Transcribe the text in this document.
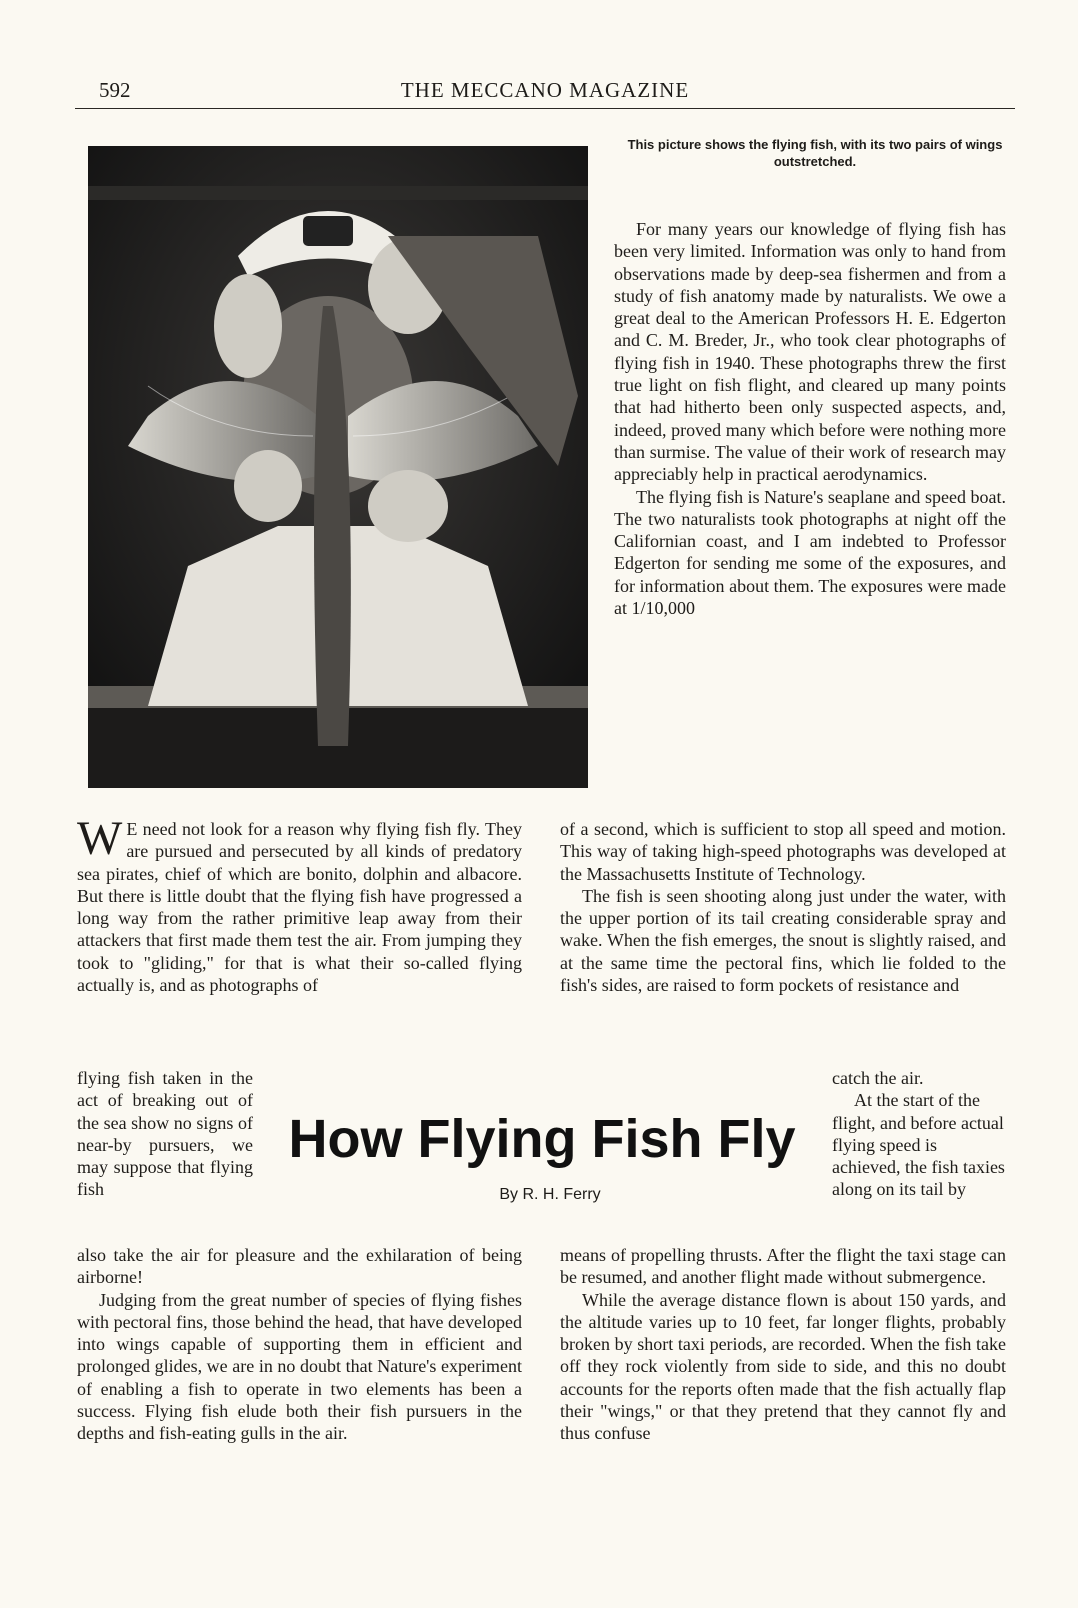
592	THE MECCANO MAGAZINE

This picture shows the flying fish, with its two pairs of wings outstretched.

For many years our knowledge of flying fish has been very limited. Information was only to hand from observations made by deep-sea fishermen and from a study of fish anatomy made by naturalists. We owe a great deal to the American Professors H. E. Edgerton and C. M. Breder, Jr., who took clear photographs of flying fish in 1940. These photographs threw the first true light on fish flight, and cleared up many points that had hitherto been only suspected aspects, and, indeed, proved many which before were nothing more than surmise. The value of their work of research may appreciably help in practical aerodynamics.

The flying fish is Nature's seaplane and speed boat. The two naturalists took photographs at night off the Californian coast, and I am indebted to Professor Edgerton for sending me some of the exposures, and for information about them. The exposures were made at 1/10,000

of a second, which is sufficient to stop all speed and motion. This way of taking high-speed photographs was developed at the Massachusetts Institute of Technology.

The fish is seen shooting along just under the water, with the upper portion of its tail creating considerable spray and wake. When the fish emerges, the snout is slightly raised, and at the same time the pectoral fins, which lie folded to the fish's sides, are raised to form pockets of resistance and

catch the air.

At the start of the flight, and before actual flying speed is achieved, the fish taxies along on its tail by

means of propelling thrusts. After the flight the taxi stage can be resumed, and another flight made without submergence.

While the average distance flown is about 150 yards, and the altitude varies up to 10 feet, far longer flights, probably broken by short taxi periods, are recorded. When the fish take off they rock violently from side to side, and this no doubt accounts for the reports often made that the fish actually flap their "wings," or that they pretend that they cannot fly and thus confuse

W E need not look for a reason why flying fish fly. They are pursued and persecuted by all kinds of predatory sea pirates, chief of which are bonito, dolphin and albacore. But there is little doubt that the flying fish have progressed a long way from the rather primitive leap away from their attackers that first made them test the air. From jumping they took to "gliding," for that is what their so-called flying actually is, and as photographs of

flying fish taken in the act of breaking out of the sea show no signs of near-by pursuers, we may suppose that flying fish

How Flying Fish Fly

By R. H. Ferry

also take the air for pleasure and the exhilaration of being airborne!

Judging from the great number of species of flying fishes with pectoral fins, those behind the head, that have developed into wings capable of supporting them in efficient and prolonged glides, we are in no doubt that Nature's experiment of enabling a fish to operate in two elements has been a success. Flying fish elude both their fish pursuers in the depths and fish-eating gulls in the air.
